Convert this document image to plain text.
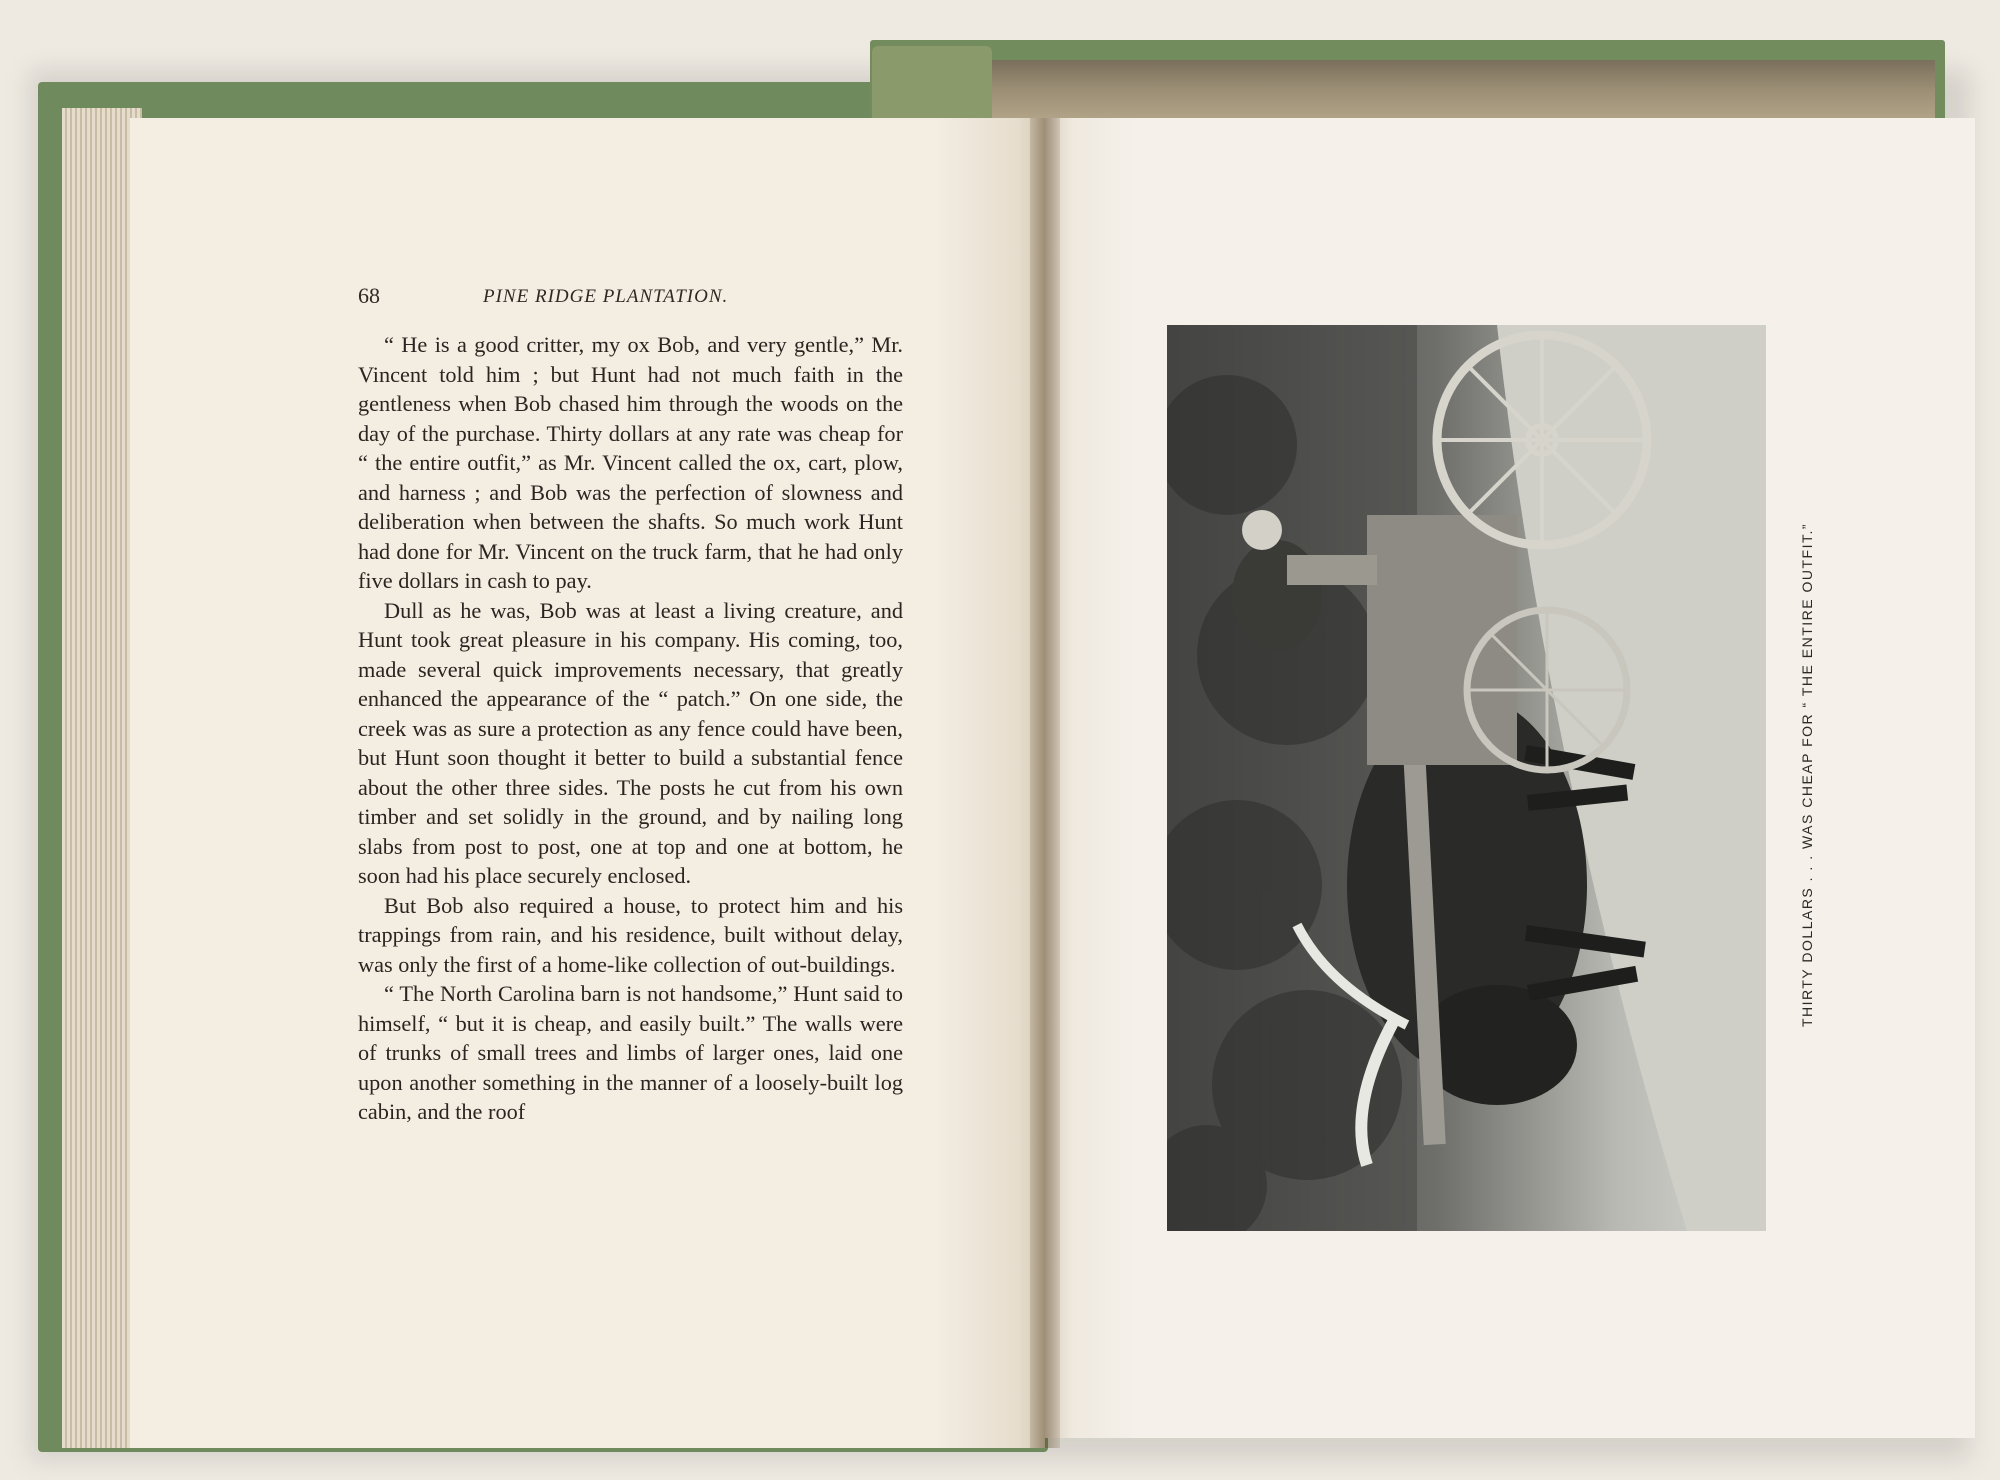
68	PINE RIDGE PLANTATION.

“ He is a good critter, my ox Bob, and very gentle,” Mr. Vincent told him ; but Hunt had not much faith in the gentleness when Bob chased him through the woods on the day of the purchase. Thirty dollars at any rate was cheap for “ the entire outfit,” as Mr. Vincent called the ox, cart, plow, and harness ; and Bob was the perfection of slowness and deliberation when between the shafts. So much work Hunt had done for Mr. Vincent on the truck farm, that he had only five dollars in cash to pay.

Dull as he was, Bob was at least a living creature, and Hunt took great pleasure in his company. His coming, too, made several quick improvements necessary, that greatly enhanced the appearance of the “ patch.” On one side, the creek was as sure a protection as any fence could have been, but Hunt soon thought it better to build a substantial fence about the other three sides. The posts he cut from his own timber and set solidly in the ground, and by nailing long slabs from post to post, one at top and one at bottom, he soon had his place securely enclosed.

But Bob also required a house, to protect him and his trappings from rain, and his residence, built without delay, was only the first of a home-like collection of out-buildings.

“ The North Carolina barn is not handsome,” Hunt said to himself, “ but it is cheap, and easily built.” The walls were of trunks of small trees and limbs of larger ones, laid one upon another something in the manner of a loosely-built log cabin, and the roof

THIRTY DOLLARS . . . WAS CHEAP FOR “ THE ENTIRE OUTFIT.”
